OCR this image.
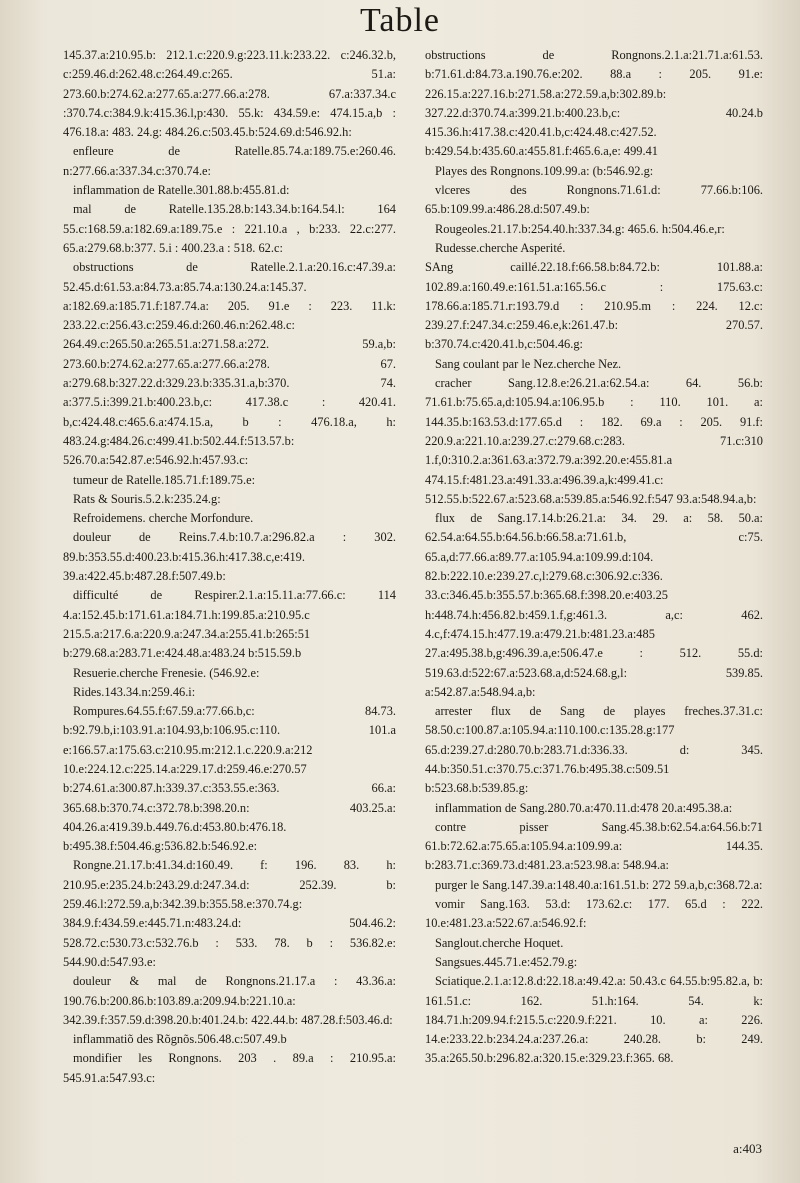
Table

145.37.a:210.95.b: 212.1.c:220.9.g:223.11.k:233.22. c:246.32.b, c:259.46.d:262.48.c:264.49.c:265. 51.a: 273.60.b:274.62.a:277.65.a:277.66.a:278. 67.a:337.34.c :370.74.c:384.9.k:415.36.l,p:430. 55.k: 434.59.e: 474.15.a,b : 476.18.a: 483. 24.g: 484.26.c:503.45.b:524.69.d:546.92.h:

enfleure de Ratelle.85.74.a:189.75.e:260.46. n:277.66.a:337.34.c:370.74.e:

inflammation de Ratelle.301.88.b:455.81.d:

mal de Ratelle.135.28.b:143.34.b:164.54.l: 164 55.c:168.59.a:182.69.a:189.75.e : 221.10.a , b:233. 22.c:277. 65.a:279.68.b:377. 5.i : 400.23.a : 518. 62.c:

obstructions de Ratelle.2.1.a:20.16.c:47.39.a: 52.45.d:61.53.a:84.73.a:85.74.a:130.24.a:145.37. a:182.69.a:185.71.f:187.74.a: 205. 91.e : 223. 11.k: 233.22.c:256.43.c:259.46.d:260.46.n:262.48.c: 264.49.c:265.50.a:265.51.a:271.58.a:272. 59.a,b: 273.60.b:274.62.a:277.65.a:277.66.a:278. 67. a:279.68.b:327.22.d:329.23.b:335.31.a,b:370. 74. a:377.5.i:399.21.b:400.23.b,c: 417.38.c : 420.41. b,c:424.48.c:465.6.a:474.15.a, b : 476.18.a, h: 483.24.g:484.26.c:499.41.b:502.44.f:513.57.b: 526.70.a:542.87.e:546.92.h:457.93.c:

tumeur de Ratelle.185.71.f:189.75.e:

Rats & Souris.5.2.k:235.24.g:

Refroidemens. cherche Morfondure.

douleur de Reins.7.4.b:10.7.a:296.82.a : 302. 89.b:353.55.d:400.23.b:415.36.h:417.38.c,e:419. 39.a:422.45.b:487.28.f:507.49.b:

difficulté de Respirer.2.1.a:15.11.a:77.66.c: 114 4.a:152.45.b:171.61.a:184.71.h:199.85.a:210.95.c 215.5.a:217.6.a:220.9.a:247.34.a:255.41.b:265:51 b:279.68.a:283.71.e:424.48.a:483.24 b:515.59.b

Resuerie.cherche Frenesie. (546.92.e:

Rides.143.34.n:259.46.i:

Rompures.64.55.f:67.59.a:77.66.b,c: 84.73. b:92.79.b,i:103.91.a:104.93,b:106.95.c:110. 101.a e:166.57.a:175.63.c:210.95.m:212.1.c.220.9.a:212 10.e:224.12.c:225.14.a:229.17.d:259.46.e:270.57 b:274.61.a:300.87.h:339.37.c:353.55.e:363. 66.a: 365.68.b:370.74.c:372.78.b:398.20.n: 403.25.a: 404.26.a:419.39.b.449.76.d:453.80.b:476.18. b:495.38.f:504.46.g:536.82.b:546.92.e:

Rongne.21.17.b:41.34.d:160.49. f: 196. 83. h: 210.95.e:235.24.b:243.29.d:247.34.d: 252.39. b: 259.46.l:272.59.a,b:342.39.b:355.58.e:370.74.g: 384.9.f:434.59.e:445.71.n:483.24.d: 504.46.2: 528.72.c:530.73.c:532.76.b : 533. 78. b : 536.82.e: 544.90.d:547.93.e:

douleur & mal de Rongnons.21.17.a : 43.36.a: 190.76.b:200.86.b:103.89.a:209.94.b:221.10.a: 342.39.f:357.59.d:398.20.b:401.24.b: 422.44.b: 487.28.f:503.46.d:

inflammatiõ des Rõgnõs.506.48.c:507.49.b

mondifier les Rongnons. 203 . 89.a : 210.95.a: 545.91.a:547.93.c:

obstructions de Rongnons.2.1.a:21.71.a:61.53. b:71.61.d:84.73.a.190.76.e:202. 88.a : 205. 91.e: 226.15.a:227.16.b:271.58.a:272.59.a,b:302.89.b: 327.22.d:370.74.a:399.21.b:400.23.b,c: 40.24.b 415.36.h:417.38.c:420.41.b,c:424.48.c:427.52. b:429.54.b:435.60.a:455.81.f:465.6.a,e: 499.41

Playes des Rongnons.109.99.a: (b:546.92.g:

vlceres des Rongnons.71.61.d: 77.66.b:106. 65.b:109.99.a:486.28.d:507.49.b:

Rougeoles.21.17.b:254.40.h:337.34.g: 465.6. h:504.46.e,r:

Rudesse.cherche Asperité.

SAng caillé.22.18.f:66.58.b:84.72.b: 101.88.a: 102.89.a:160.49.e:161.51.a:165.56.c : 175.63.c: 178.66.a:185.71.r:193.79.d : 210.95.m : 224. 12.c: 239.27.f:247.34.c:259.46.e,k:261.47.b: 270.57. b:370.74.c:420.41.b,c:504.46.g:

Sang coulant par le Nez.cherche Nez.

cracher Sang.12.8.e:26.21.a:62.54.a: 64. 56.b: 71.61.b:75.65.a,d:105.94.a:106.95.b : 110. 101. a: 144.35.b:163.53.d:177.65.d : 182. 69.a : 205. 91.f: 220.9.a:221.10.a:239.27.c:279.68.c:283. 71.c:310 1.f,0:310.2.a:361.63.a:372.79.a:392.20.e:455.81.a 474.15.f:481.23.a:491.33.a:496.39.a,k:499.41.c: 512.55.b:522.67.a:523.68.a:539.85.a:546.92.f:547 93.a:548.94.a,b:

flux de Sang.17.14.b:26.21.a: 34. 29. a: 58. 50.a: 62.54.a:64.55.b:64.56.b:66.58.a:71.61.b, c:75. 65.a,d:77.66.a:89.77.a:105.94.a:109.99.d:104. 82.b:222.10.e:239.27.c,l:279.68.c:306.92.c:336. 33.c:346.45.b:355.57.b:365.68.f:398.20.e:403.25 h:448.74.h:456.82.b:459.1.f,g:461.3. a,c: 462. 4.c,f:474.15.h:477.19.a:479.21.b:481.23.a:485 27.a:495.38.b,g:496.39.a,e:506.47.e : 512. 55.d: 519.63.d:522:67.a:523.68.a,d:524.68.g,l: 539.85. a:542.87.a:548.94.a,b:

arrester flux de Sang de playes freches.37.31.c: 58.50.c:100.87.a:105.94.a:110.100.c:135.28.g:177 65.d:239.27.d:280.70.b:283.71.d:336.33. d: 345. 44.b:350.51.c:370.75.c:371.76.b:495.38.c:509.51 b:523.68.b:539.85.g:

inflammation de Sang.280.70.a:470.11.d:478 20.a:495.38.a:

contre pisser Sang.45.38.b:62.54.a:64.56.b:71 61.b:72.62.a:75.65.a:105.94.a:109.99.a: 144.35. b:283.71.c:369.73.d:481.23.a:523.98.a: 548.94.a:

purger le Sang.147.39.a:148.40.a:161.51.b: 272 59.a,b,c:368.72.a:

vomir Sang.163. 53.d: 173.62.c: 177. 65.d : 222. 10.e:481.23.a:522.67.a:546.92.f:

Sanglout.cherche Hoquet.

Sangsues.445.71.e:452.79.g:

Sciatique.2.1.a:12.8.d:22.18.a:49.42.a: 50.43.c 64.55.b:95.82.a, b: 161.51.c: 162. 51.h:164. 54. k: 184.71.h:209.94.f:215.5.c:220.9.f:221. 10. a: 226. 14.e:233.22.b:234.24.a:237.26.a: 240.28. b: 249. 35.a:265.50.b:296.82.a:320.15.e:329.23.f:365. 68.

a:403
